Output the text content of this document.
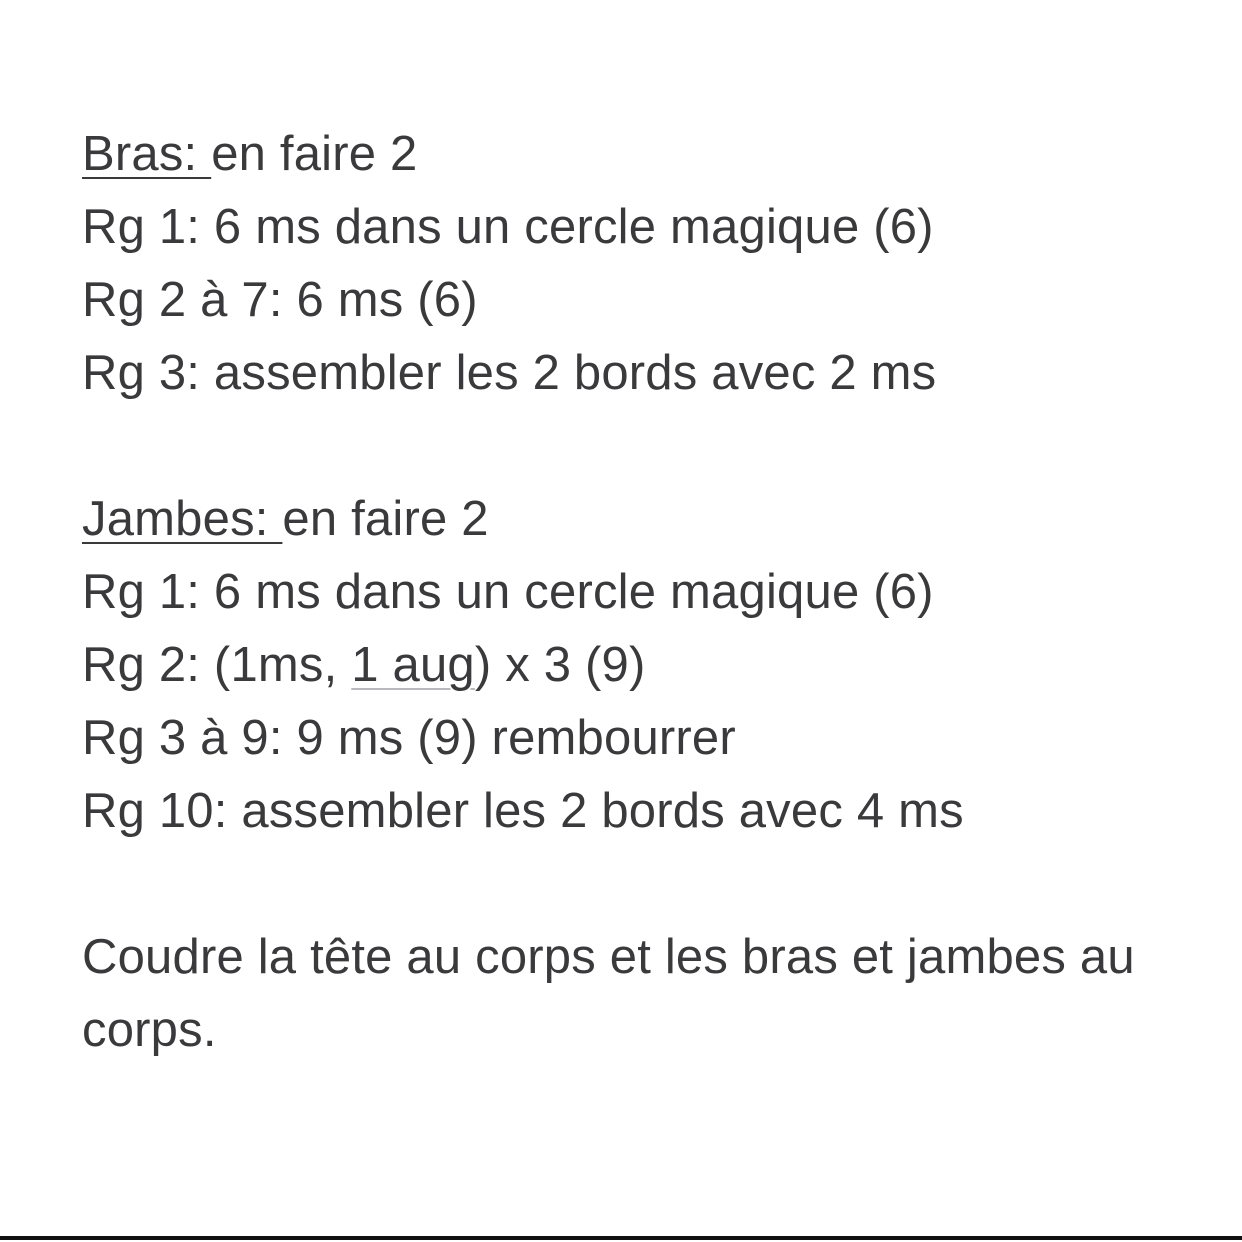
Bras: en faire 2
Rg 1: 6 ms dans un cercle magique (6)
Rg 2 à 7: 6 ms (6)
Rg 3: assembler les 2 bords avec 2 ms
Jambes: en faire 2
Rg 1: 6 ms dans un cercle magique (6)
Rg 2: (1ms, 1 aug) x 3 (9)
Rg 3 à 9: 9 ms (9) rembourrer
Rg 10: assembler les 2 bords avec 4 ms
Coudre la tête au corps et les bras et jambes au corps.
